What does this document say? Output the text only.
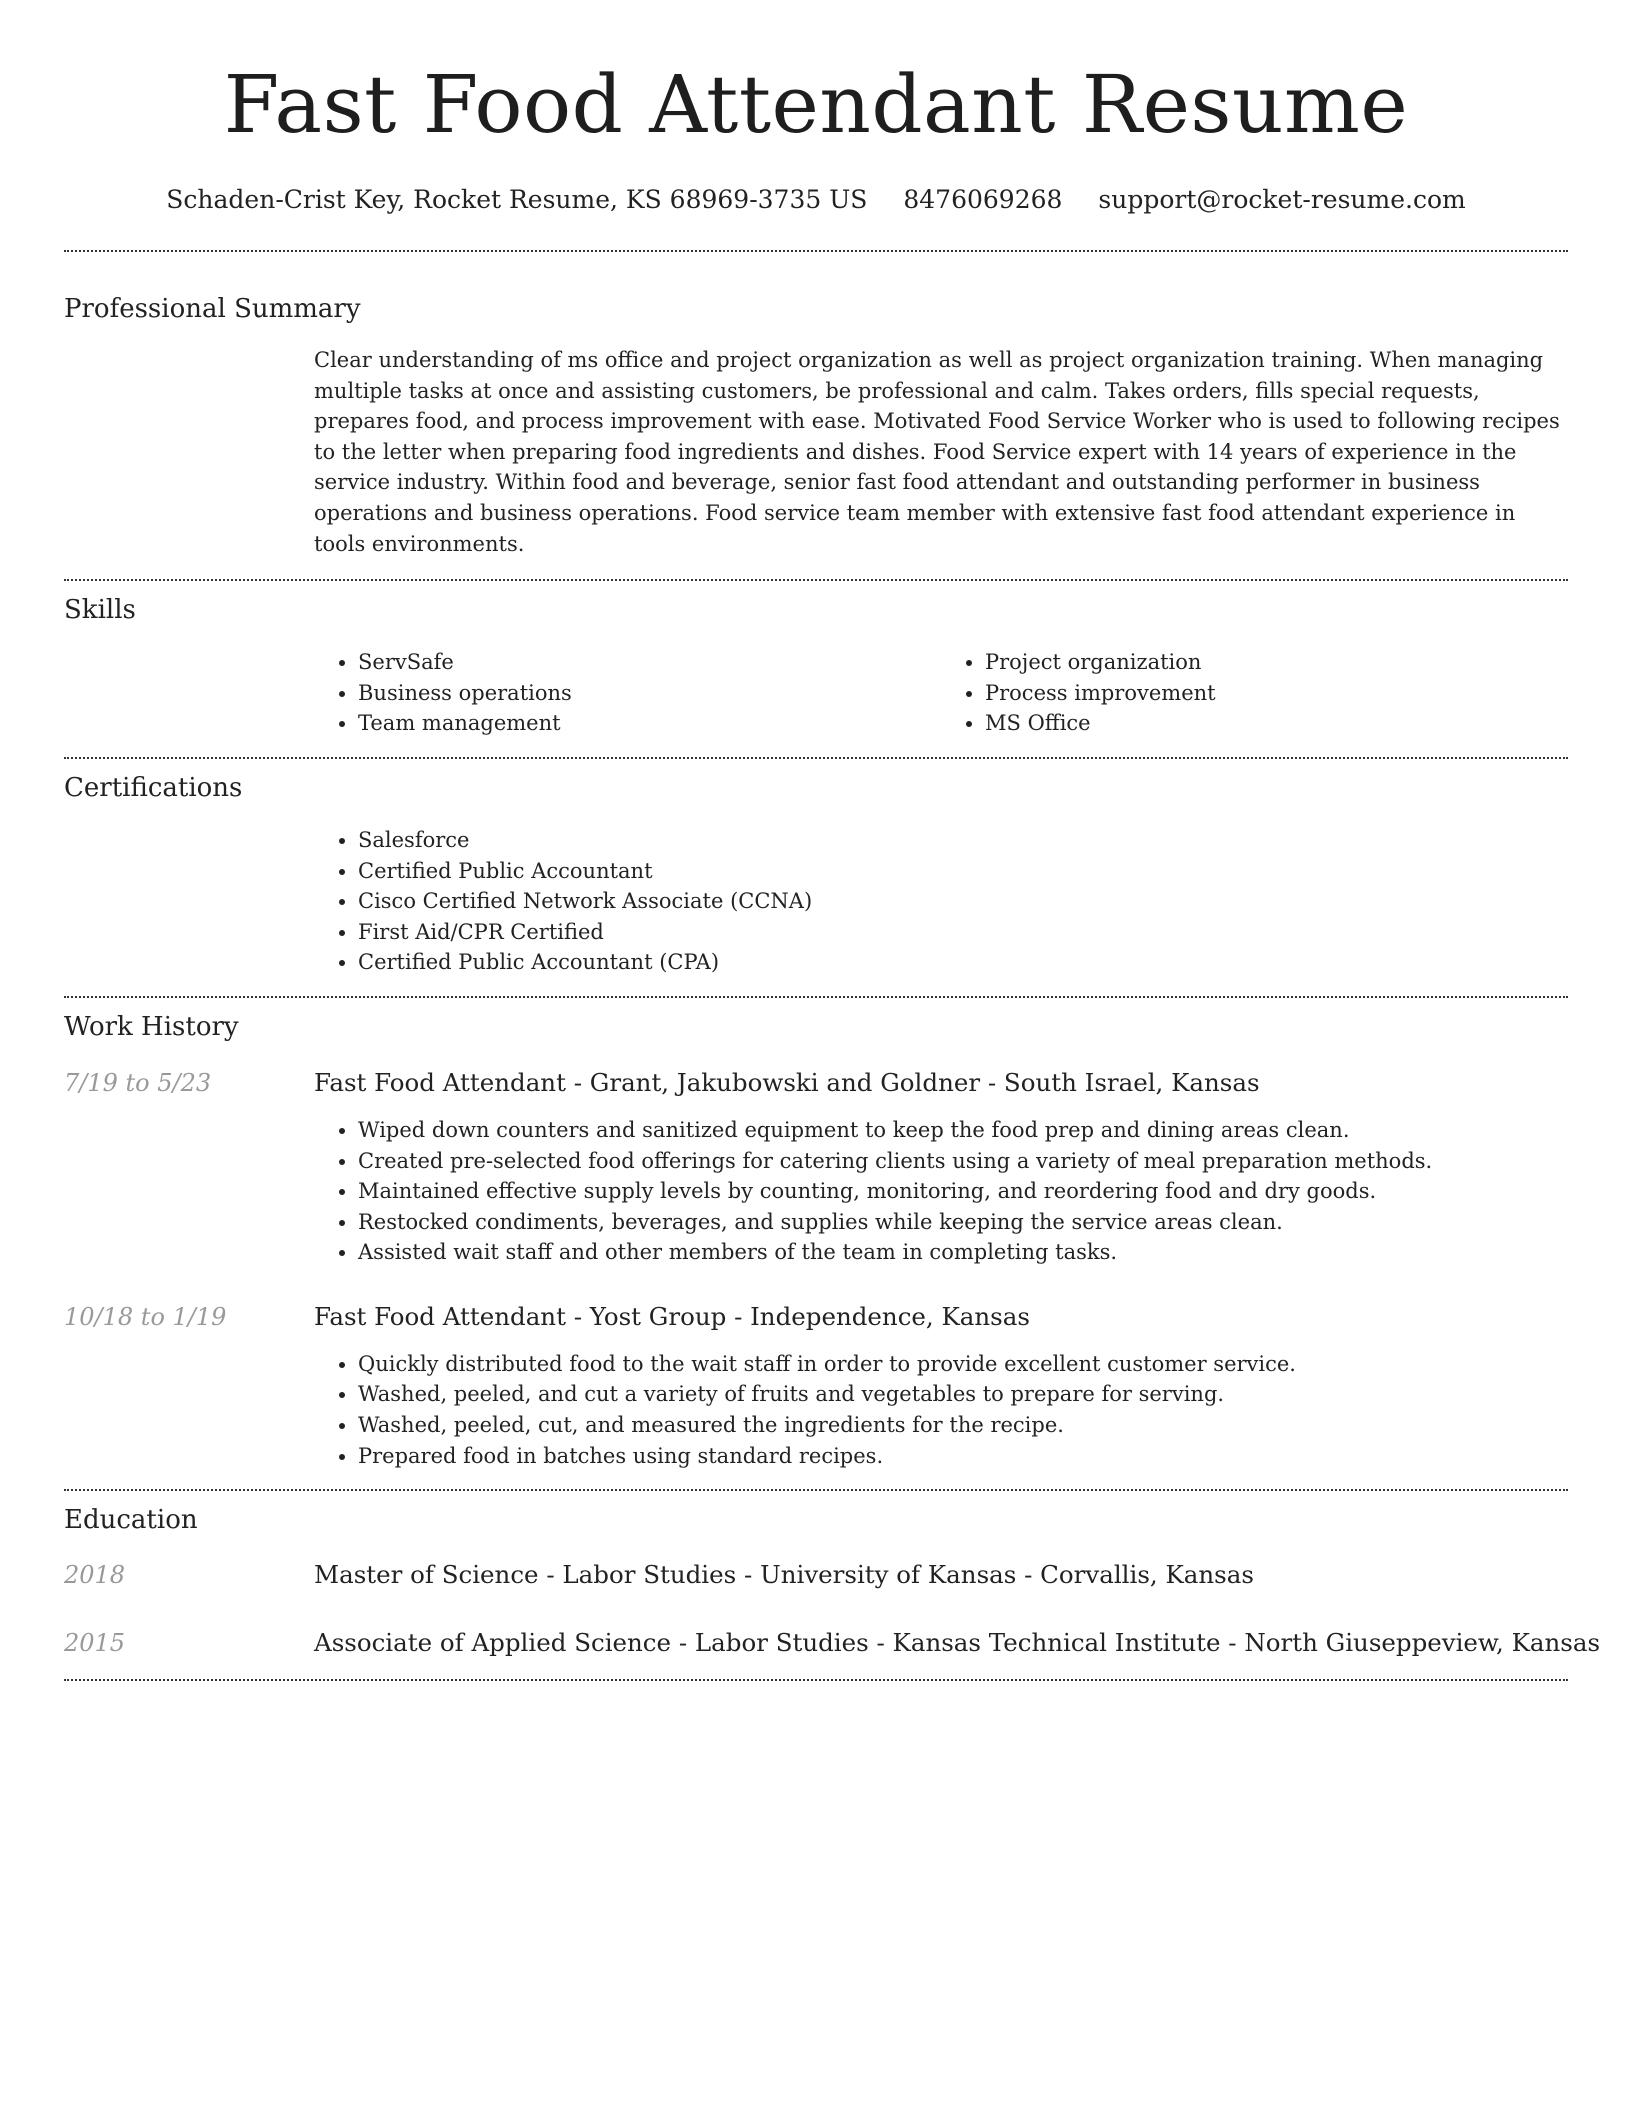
Fast Food Attendant Resume
Schaden-Crist Key, Rocket Resume, KS 68969-3735 US 8476069268 support@rocket-resume.com
Professional Summary

Clear understanding of ms office and project organization as well as project organization training. When managing multiple tasks at once and assisting customers, be professional and calm. Takes orders, fills special requests, prepares food, and process improvement with ease. Motivated Food Service Worker who is used to following recipes to the letter when preparing food ingredients and dishes. Food Service expert with 14 years of experience in the service industry. Within food and beverage, senior fast food attendant and outstanding performer in business operations and business operations. Food service team member with extensive fast food attendant experience in tools environments.

Skills
• ServSafe
• Business operations
• Team management
• Project organization
• Process improvement
• MS Office
Certifications
• Salesforce
• Certified Public Accountant
• Cisco Certified Network Associate (CCNA)
• First Aid/CPR Certified
• Certified Public Accountant (CPA)
Work History
7/19 to 5/23	Fast Food Attendant - Grant, Jakubowski and Goldner - South Israel, Kansas
• Wiped down counters and sanitized equipment to keep the food prep and dining areas clean.
• Created pre-selected food offerings for catering clients using a variety of meal preparation methods.
• Maintained effective supply levels by counting, monitoring, and reordering food and dry goods.
• Restocked condiments, beverages, and supplies while keeping the service areas clean.
• Assisted wait staff and other members of the team in completing tasks.
10/18 to 1/19	Fast Food Attendant - Yost Group - Independence, Kansas
• Quickly distributed food to the wait staff in order to provide excellent customer service.
• Washed, peeled, and cut a variety of fruits and vegetables to prepare for serving.
• Washed, peeled, cut, and measured the ingredients for the recipe.
• Prepared food in batches using standard recipes.
Education
2018	Master of Science - Labor Studies - University of Kansas - Corvallis, Kansas
2015	Associate of Applied Science - Labor Studies - Kansas Technical Institute - North Giuseppeview, Kansas
